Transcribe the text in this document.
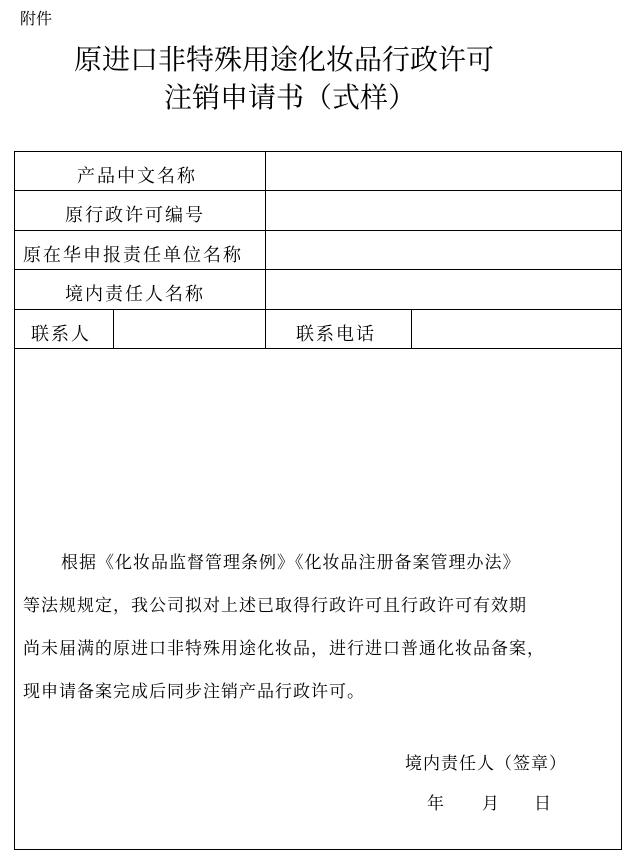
附件
原进口非特殊用途化妆品行政许可
注销申请书（式样）
产品中文名称
原行政许可编号
原在华申报责任单位名称
境内责任人名称
联系人	联系电话
根据《化妆品监督管理条例》《化妆品注册备案管理办法》
等法规规定，我公司拟对上述已取得行政许可且行政许可有效期
尚未届满的原进口非特殊用途化妆品，进行进口普通化妆品备案，
现申请备案完成后同步注销产品行政许可。
境内责任人（签章）
年 月 日
